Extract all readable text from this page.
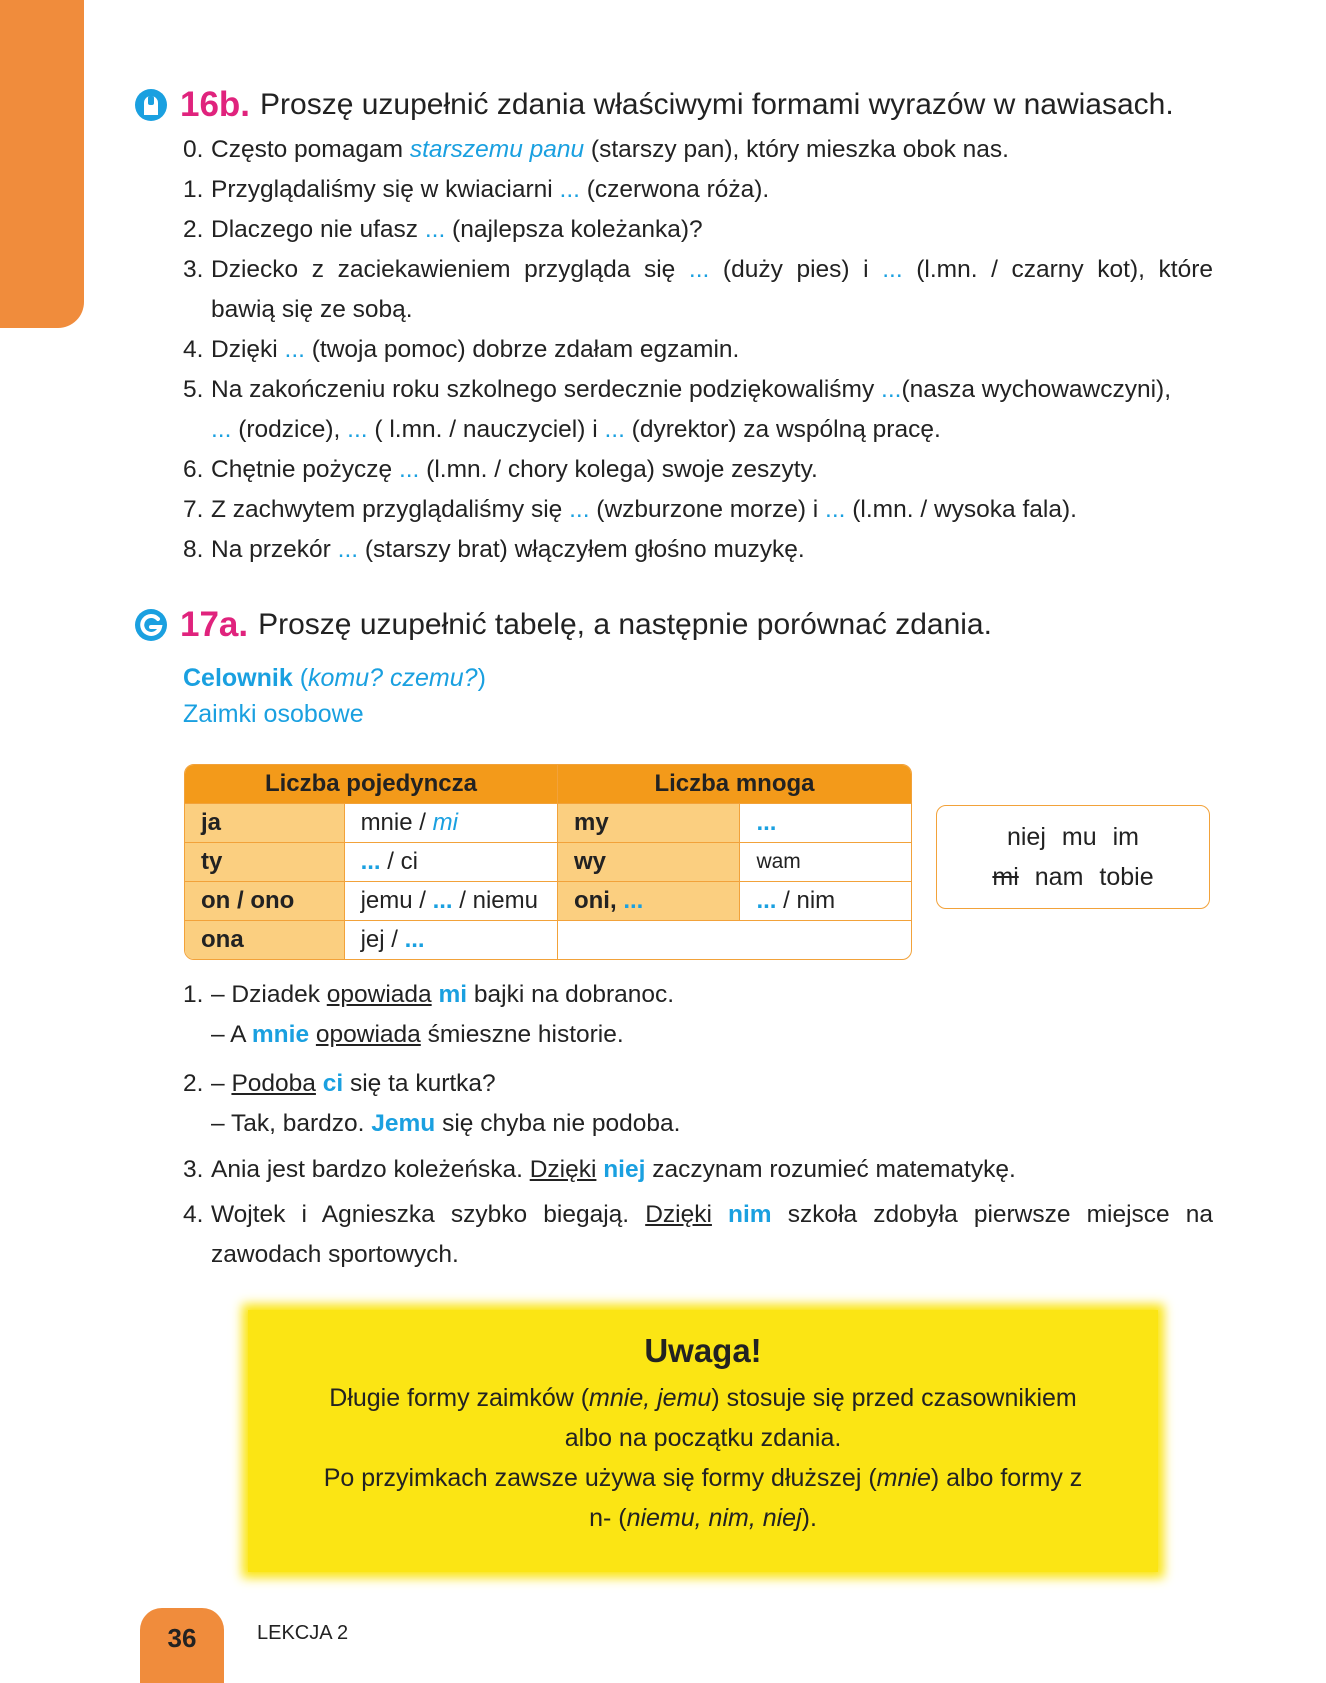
16b. Proszę uzupełnić zdania właściwymi formami wyrazów w nawiasach.
0. Często pomagam starszemu panu (starszy pan), który mieszka obok nas.
1. Przyglądaliśmy się w kwiaciarni ... (czerwona róża).
2. Dlaczego nie ufasz ... (najlepsza koleżanka)?
3. Dziecko z zaciekawieniem przygląda się ... (duży pies) i ... (l.mn. / czarny kot), które
bawią się ze sobą.
4. Dzięki ... (twoja pomoc) dobrze zdałam egzamin.
5. Na zakończeniu roku szkolnego serdecznie podziękowaliśmy ...(nasza wychowawczyni),
... (rodzice), ... ( l.mn. / nauczyciel) i ... (dyrektor) za wspólną pracę.
6. Chętnie pożyczę ... (l.mn. / chory kolega) swoje zeszyty.
7. Z zachwytem przyglądaliśmy się ... (wzburzone morze) i ... (l.mn. / wysoka fala).
8. Na przekór ... (starszy brat) włączyłem głośno muzykę.
17a. Proszę uzupełnić tabelę, a następnie porównać zdania.
Celownik (komu? czemu?)
Zaimki osobowe
Liczba pojedyncza		Liczba mnoga	
ja	mnie / mi	my	...
ty	... / ci	wy	wam
on / ono	jemu / ... / niemu	oni, ...	... / nim
ona	jej / ...		
niej mu im
mi nam tobie
1. – Dziadek opowiada mi bajki na dobranoc.
– A mnie opowiada śmieszne historie.
2. – Podoba ci się ta kurtka?
– Tak, bardzo. Jemu się chyba nie podoba.
3. Ania jest bardzo koleżeńska. Dzięki niej zaczynam rozumieć matematykę.
4. Wojtek i Agnieszka szybko biegają. Dzięki nim szkoła zdobyła pierwsze miejsce na
zawodach sportowych.
Uwaga!

Długie formy zaimków (mnie, jemu) stosuje się przed czasownikiem
albo na początku zdania.
Po przyimkach zawsze używa się formy dłuższej (mnie) albo formy z
n- (niemu, nim, niej).

36	LEKCJA 2
